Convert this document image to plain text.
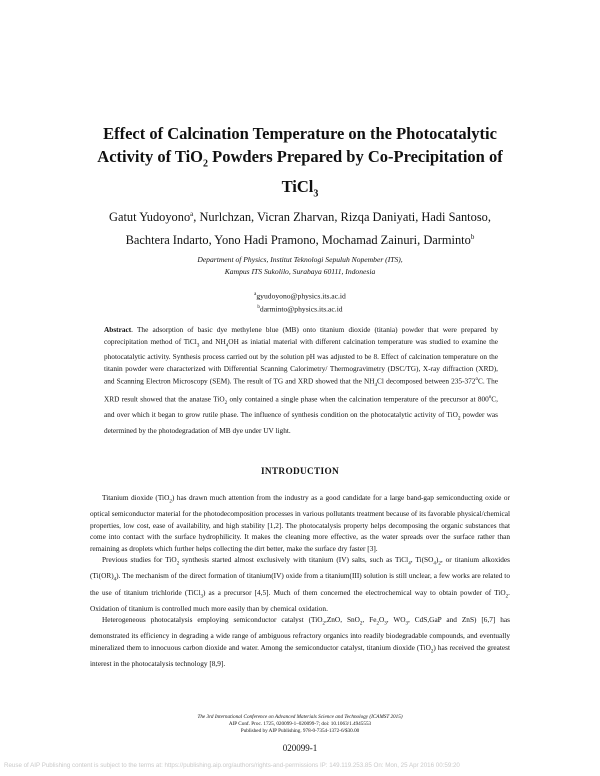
Effect of Calcination Temperature on the Photocatalytic
Activity of TiO$_2$ Powders Prepared by Co-Precipitation of
TiCl$_3$
Gatut Yudoyono$^a$, Nurlchzan, Vicran Zharvan, Rizqa Daniyati, Hadi Santoso,
Bachtera Indarto, Yono Hadi Pramono, Mochamad Zainuri, Darminto$^b$
Department of Physics, Institut Teknologi Sepuluh Nopember (ITS),
Kampus ITS Sukolilo, Surabaya 60111, Indonesia
$^a$gyudoyono@physics.its.ac.id
$^b$darminto@physics.its.ac.id
Abstract. The adsorption of basic dye methylene blue (MB) onto titanium dioxide (titania) powder that were prepared by coprecipitation method of TiCl$_3$ and $NH_4OH$ as iniatial material with different calcination temperature was studied to examine the photocatalytic activity. Synthesis process carried out by the solution pH was adjusted to be 8. Effect of calcination temperature on the titanin powder were characterized with Differential Scanning Calorimetry/ Thermogravimetry (DSC/TG), X-ray diffraction (XRD), and Scanning Electron Microscopy (SEM). The result of TG and XRD showed that the $NH_4Cl$ decomposed between 235-372$^o$C. The XRD result showed that the anatase TiO$_2$ only contained a single phase when the calcination temperature of the precursor at 800$^o$C, and over which it began to grow rutile phase. The influence of synthesis condition on the photocatalytic activity of TiO$_2$ powder was determined by the photodegradation of MB dye under UV light.
INTRODUCTION

Titanium dioxide (TiO$_2$) has drawn much attention from the industry as a good candidate for a large band-gap semiconducting oxide or optical semiconductor material for the photodecomposition processes in various pollutants treatment because of its favorable physical/chemical properties, low cost, ease of availability, and high stability [1,2]. The photocatalysis property helps decomposing the organic substances that come into contact with the surface hydrophilicity. It makes the cleaning more effective, as the water spreads over the surface rather than remaining as droplets which further helps collecting the dirt better, make the surface dry faster [3].

Previous studies for TiO$_2$ synthesis started almost exclusively with titanium (IV) salts, such as TiCl$_4$, $Ti(SO_4)_2$, or titanium alkoxides $(Ti(OR)_4)$. The mechanism of the direct formation of titanium(IV) oxide from a titanium(III) solution is still unclear, a few works are related to the use of titanium trichloride (TiCl$_3$) as a precursor [4,5]. Much of them concerned the electrochemical way to obtain powder of TiO$_2$. Oxidation of titanium is controlled much more easily than by chemical oxidation.

Heterogeneous photocatalysis employing semiconductor catalyst (TiO$_2$,ZnO, SnO$_2$, $Fe_2O_3$, $WO_3$, CdS,GaP and ZnS) [6,7] has demonstrated its efficiency in degrading a wide range of ambiguous refractory organics into readily biodegradable compounds, and eventually mineralized them to innocuous carbon dioxide and water. Among the semiconductor catalyst, titanium dioxide (TiO$_2$) has received the greatest interest in the photocatalysis technology [8,9].

The 3rd International Conference on Advanced Materials Science and Technology (ICAMST 2015)
AIP Conf. Proc. 1725, 020099-1–020099-7; doi: 10.1063/1.4945553
Published by AIP Publishing. 978-0-7354-1372-6/$30.00
020099-1
Reuse of AIP Publishing content is subject to the terms at: https://publishing.aip.org/authors/rights-and-permissions IP: 149.119.253.85 On: Mon, 25 Apr 2016 00:59:20
